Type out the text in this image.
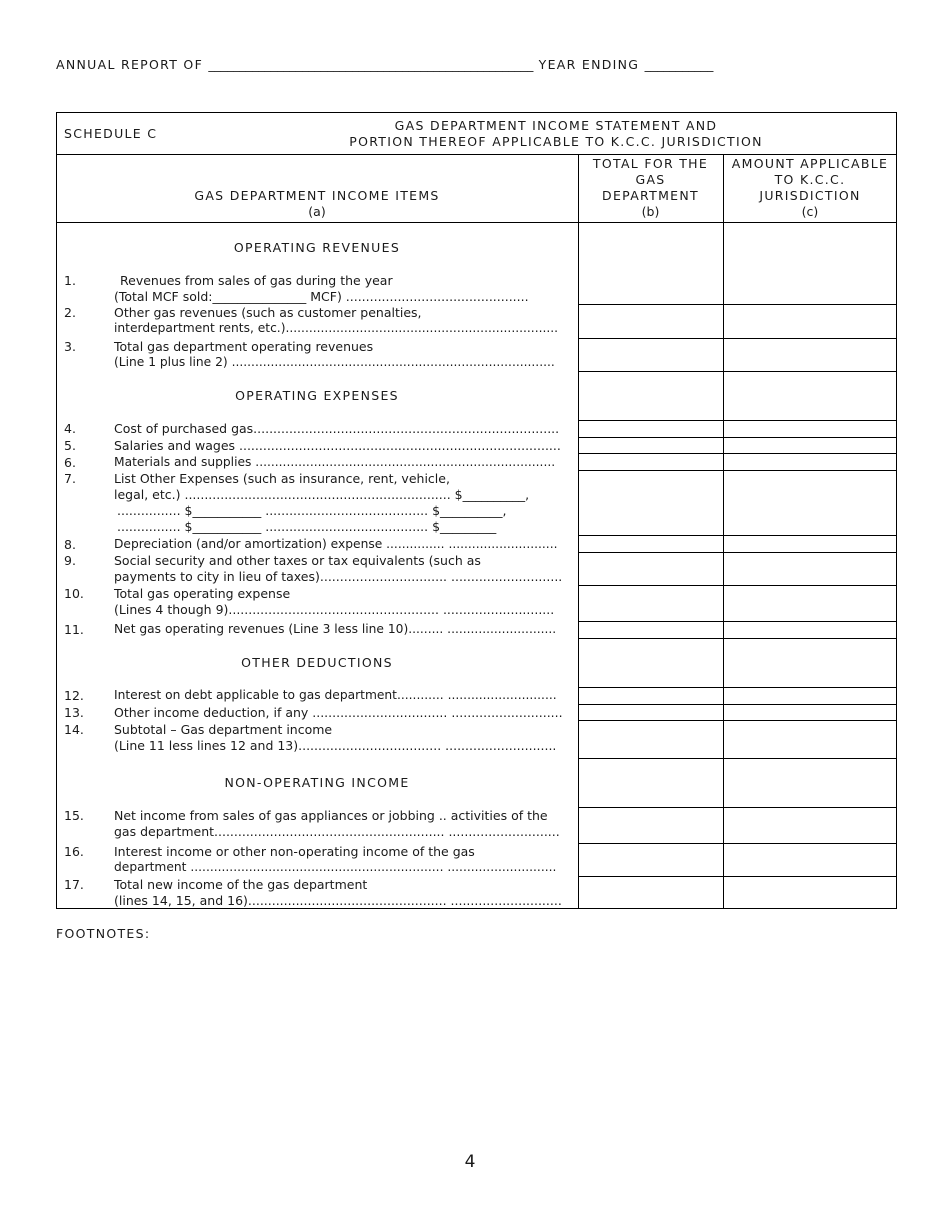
ANNUAL REPORT OF ____________________________________________________ YEAR ENDING ___________
SCHEDULE C
GAS DEPARTMENT INCOME STATEMENT AND
PORTION THEREOF APPLICABLE TO K.C.C. JURISDICTION
GAS DEPARTMENT INCOME ITEMS
(a)
TOTAL FOR THE
GAS
DEPARTMENT
(b)
AMOUNT APPLICABLE
TO K.C.C.
JURISDICTION
(c)
OPERATING REVENUES
OPERATING EXPENSES
OTHER DEDUCTIONS
NON-OPERATING INCOME
1.	Revenues from sales of gas during the year
(Total MCF sold:_______________ MCF) ..............................................
2.	Other gas revenues (such as customer penalties,
interdepartment rents, etc.)......................................................................
3.	Total gas department operating revenues
(Line 1 plus line 2) ...................................................................................
4.	Cost of purchased gas.............................................................................
5.	Salaries and wages .................................................................................
6.	Materials and supplies .............................................................................
7.	List Other Expenses (such as insurance, rent, vehicle,
legal, etc.) ................................................................... $__________,
................ $___________ ......................................... $__________,
................ $___________ ......................................... $_________
8.	Depreciation (and/or amortization) expense ............... ............................
9.	Social security and other taxes or tax equivalents (such as
payments to city in lieu of taxes)................................ ............................
10. Total gas operating expense
(Lines 4 though 9)..................................................... ............................
11. Net gas operating revenues (Line 3 less line 10)......... ............................
12. Interest on debt applicable to gas department............ ............................
13. Other income deduction, if any .................................. ............................
14. Subtotal – Gas department income
(Line 11 less lines 12 and 13).................................... ............................
15. Net income from sales of gas appliances or jobbing .. activities of the
gas department.......................................................... ............................
16. Interest income or other non-operating income of the gas
department ................................................................. ............................
17. Total new income of the gas department
(lines 14, 15, and 16).................................................. ............................
FOOTNOTES:
4
